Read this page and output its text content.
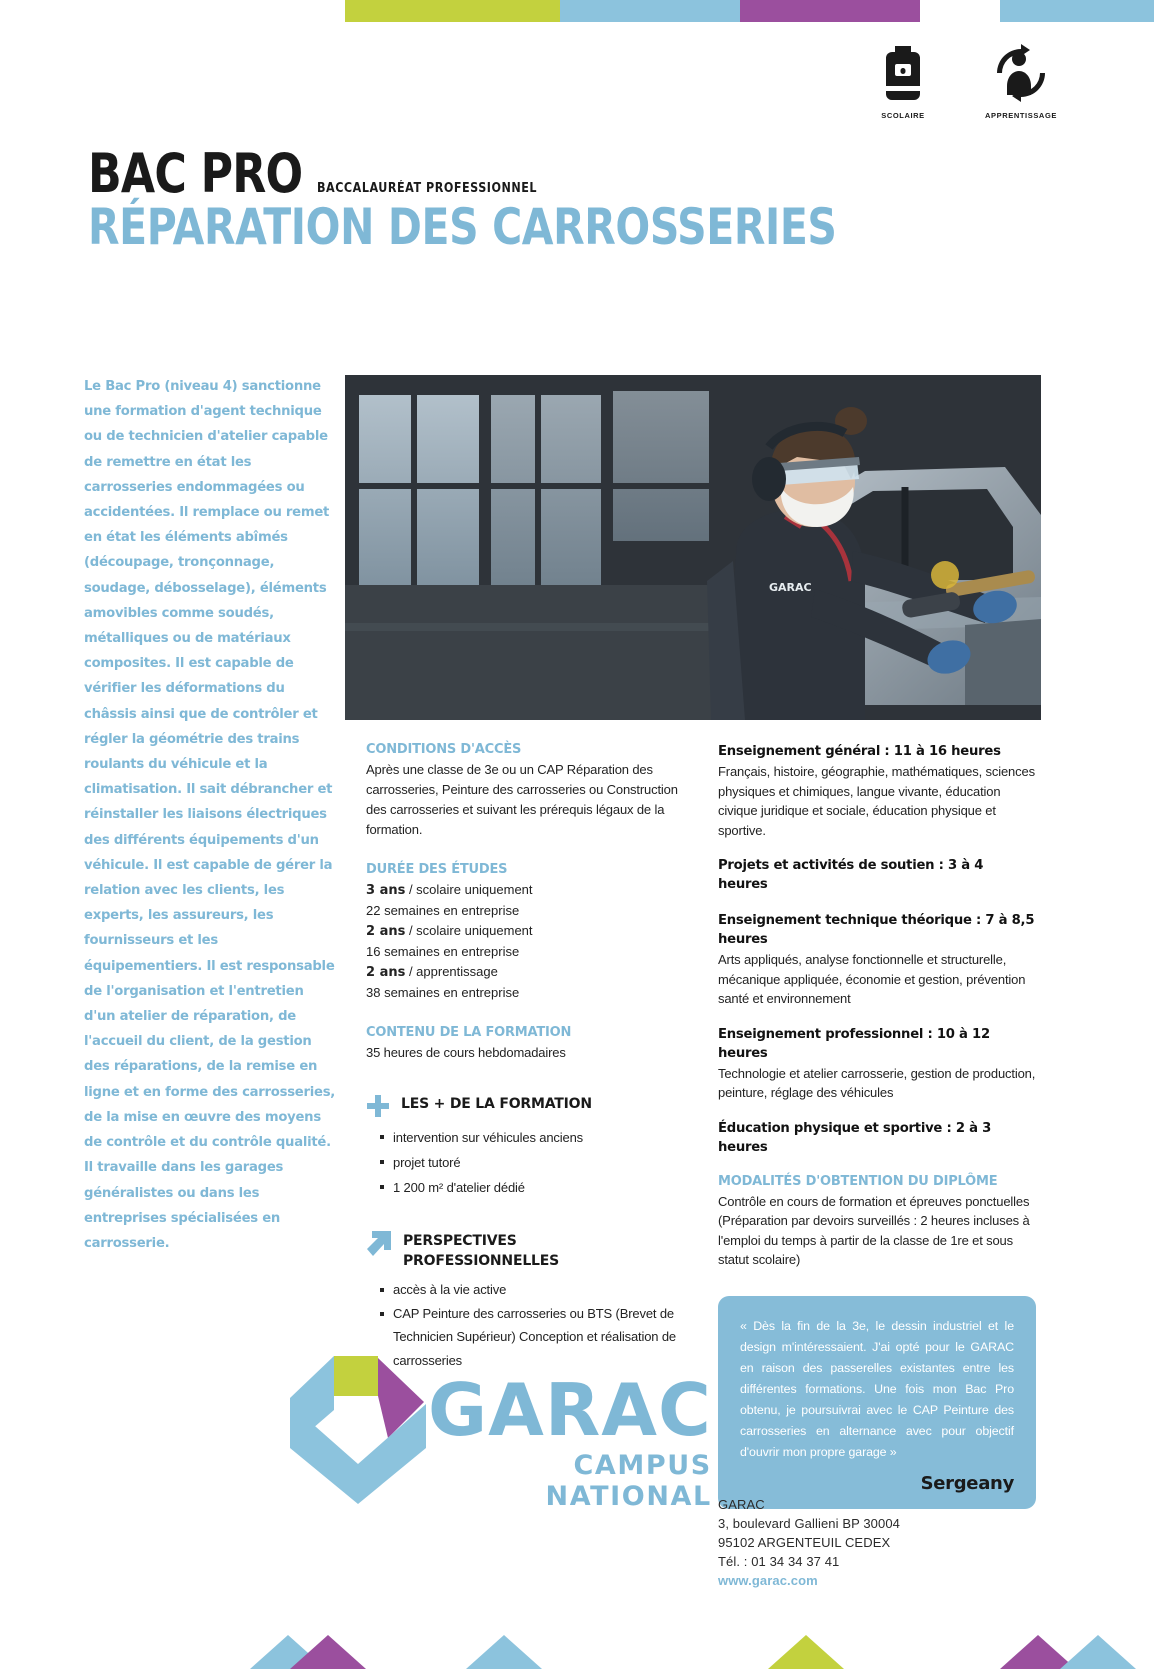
SCOLAIRE	APPRENTISSAGE
BAC PRO BACCALAURÉAT PROFESSIONNEL
RÉPARATION DES CARROSSERIES
Le Bac Pro (niveau 4) sanctionne une formation d'agent technique ou de technicien d'atelier capable de remettre en état les carrosseries endommagées ou accidentées. Il remplace ou remet en état les éléments abîmés (découpage, tronçonnage, soudage, débosselage), éléments amovibles comme soudés, métalliques ou de matériaux composites. Il est capable de vérifier les déformations du châssis ainsi que de contrôler et régler la géométrie des trains roulants du véhicule et la climatisation. Il sait débrancher et réinstaller les liaisons électriques des différents équipements d'un véhicule. Il est capable de gérer la relation avec les clients, les experts, les assureurs, les fournisseurs et les équipementiers. Il est responsable de l'organisation et l'entretien d'un atelier de réparation, de l'accueil du client, de la gestion des réparations, de la remise en ligne et en forme des carrosseries, de la mise en œuvre des moyens de contrôle et du contrôle qualité. Il travaille dans les garages généralistes ou dans les entreprises spécialisées en carrosserie.
GARAC
CONDITIONS D'ACCÈS

Après une classe de 3e ou un CAP Réparation des carrosseries, Peinture des carrosseries ou Construction des carrosseries et suivant les prérequis légaux de la formation.

DURÉE DES ÉTUDES
3 ans / scolaire uniquement
22 semaines en entreprise
2 ans / scolaire uniquement
16 semaines en entreprise
2 ans / apprentissage
38 semaines en entreprise
CONTENU DE LA FORMATION

35 heures de cours hebdomadaires

LES + DE LA FORMATION
intervention sur véhicules anciens
projet tutoré
1 200 m² d'atelier dédié
PERSPECTIVES
PROFESSIONNELLES
accès à la vie active
CAP Peinture des carrosseries ou BTS (Brevet de Technicien Supérieur) Conception et réalisation de carrosseries
Enseignement général : 11 à 16 heures

Français, histoire, géographie, mathématiques, sciences physiques et chimiques, langue vivante, éducation civique juridique et sociale, éducation physique et sportive.

Projets et activités de soutien : 3 à 4 heures
Enseignement technique théorique : 7 à 8,5 heures

Arts appliqués, analyse fonctionnelle et structurelle, mécanique appliquée, économie et gestion, prévention santé et environnement

Enseignement professionnel : 10 à 12 heures

Technologie et atelier carrosserie, gestion de production, peinture, réglage des véhicules

Éducation physique et sportive : 2 à 3 heures
MODALITÉS D'OBTENTION DU DIPLÔME

Contrôle en cours de formation et épreuves ponctuelles (Préparation par devoirs surveillés : 2 heures incluses à l'emploi du temps à partir de la classe de 1re et sous statut scolaire)

« Dès la fin de la 3e, le dessin industriel et le design m'intéressaient. J'ai opté pour le GARAC en raison des passerelles existantes entre les différentes formations. Une fois mon Bac Pro obtenu, je poursuivrai avec le CAP Peinture des carrosseries en alternance avec pour objectif d'ouvrir mon propre garage »

Sergeany
GARAC
CAMPUS NATIONAL GARAC
3, boulevard Gallieni BP 30004
95102 ARGENTEUIL CEDEX
Tél. : 01 34 34 37 41
www.garac.com
